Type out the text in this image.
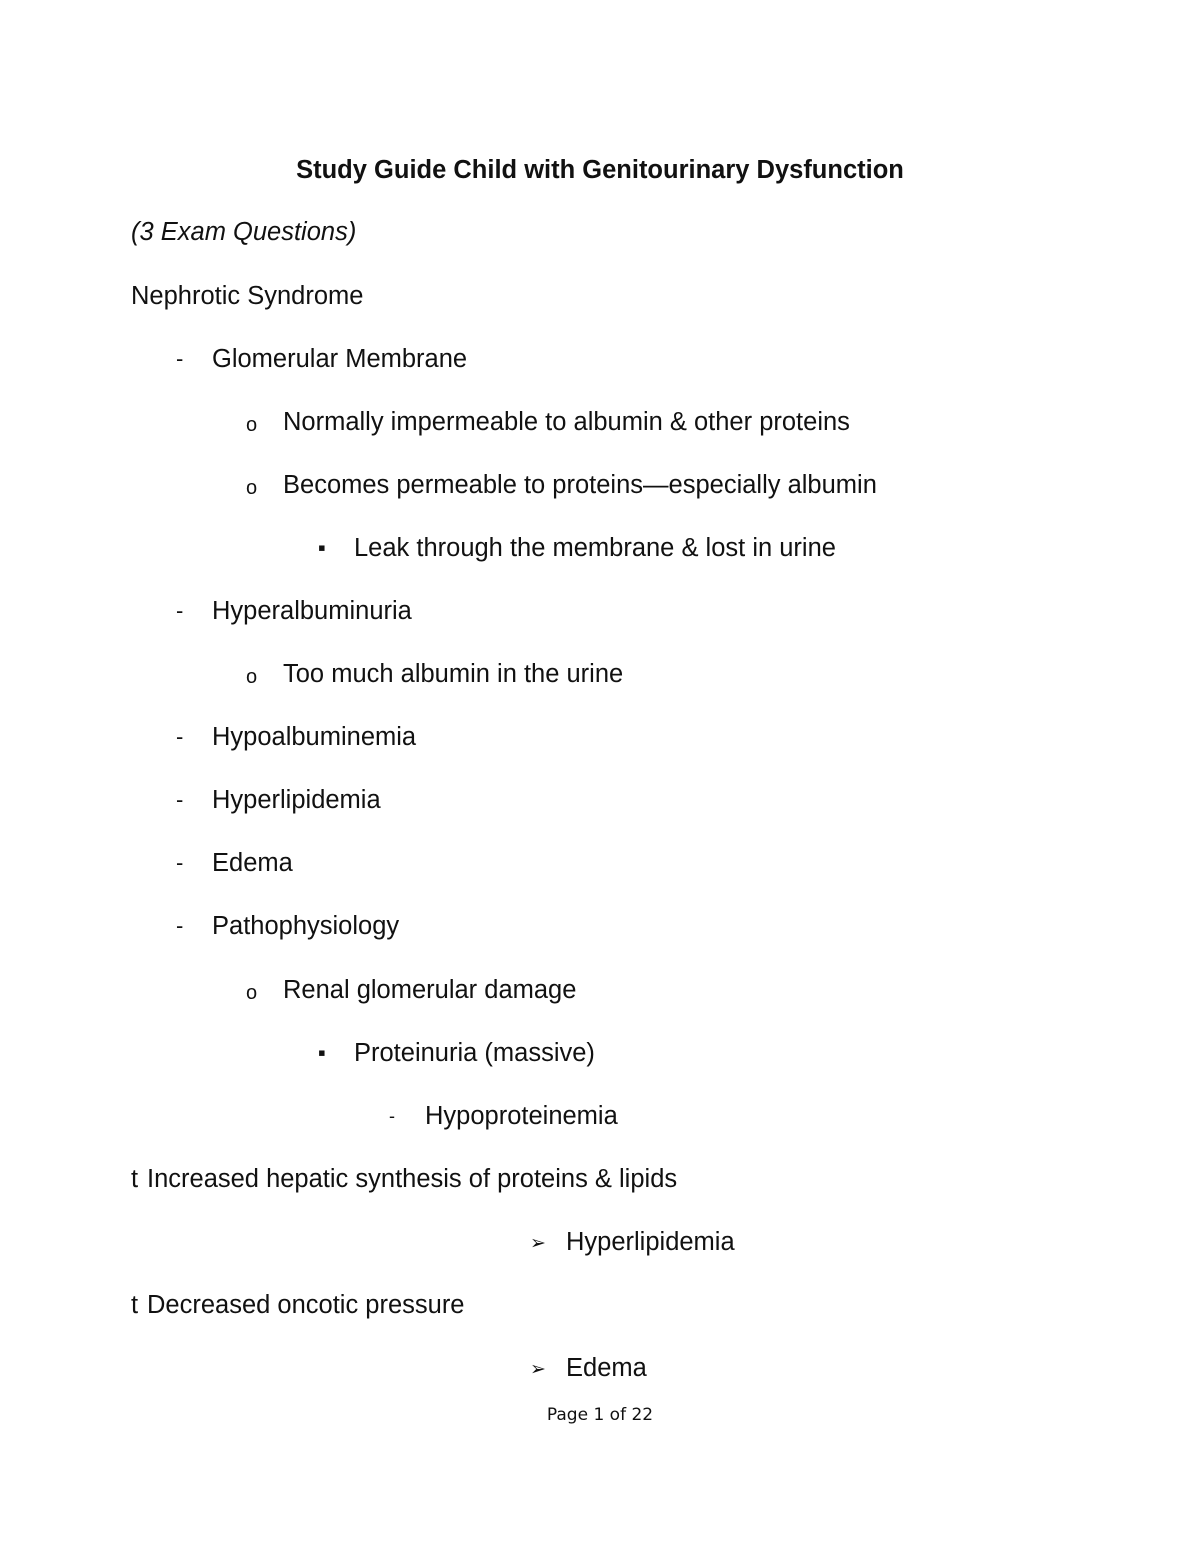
Study Guide Child with Genitourinary Dysfunction
(3 Exam Questions)
Nephrotic Syndrome
- Glomerular Membrane
o Normally impermeable to albumin & other proteins
o Becomes permeable to proteins—especially albumin
▪ Leak through the membrane & lost in urine
- Hyperalbuminuria
o Too much albumin in the urine
- Hypoalbuminemia
- Hyperlipidemia
- Edema
- Pathophysiology
o Renal glomerular damage
▪ Proteinuria (massive)
- Hypoproteinemia
t Increased hepatic synthesis of proteins & lipids
➢ Hyperlipidemia
t Decreased oncotic pressure
➢ Edema
Page 1 of 22
